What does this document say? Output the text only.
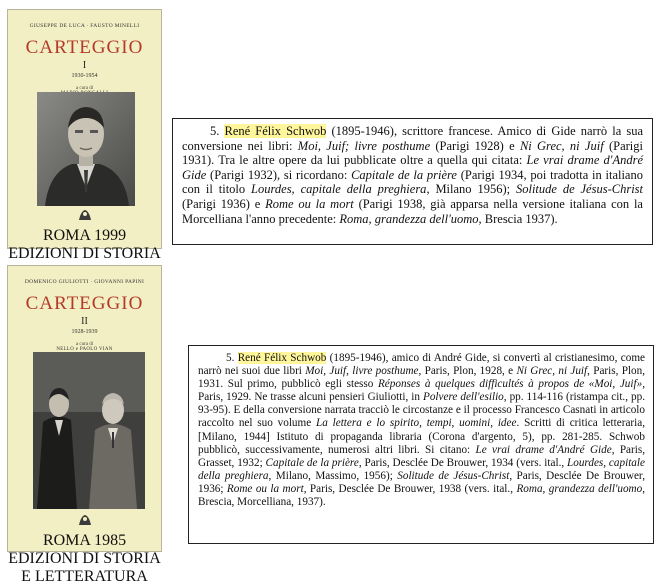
GIUSEPPE DE LUCA · FAUSTO MINELLI
CARTEGGIO
I
1930-1954
a cura di
ROMA 1999
EDIZIONI DI STORIA
DOMENICO GIULIOTTI · GIOVANNI PAPINI
CARTEGGIO
II
1928-1939
a cura di
NELLO e PAOLO VIAN
ROMA 1985
EDIZIONI DI STORIA E LETTERATURA

5. René Félix Schwob (1895-1946), scrittore francese. Amico di Gide narrò la sua conversione nei libri: Moi, Juif; livre posthume (Parigi 1928) e Ni Grec, ni Juif (Parigi 1931). Tra le altre opere da lui pubblicate oltre a quella qui citata: Le vrai drame d'André Gide (Parigi 1932), si ricordano: Capitale de la prière (Parigi 1934, poi tradotta in italiano con il titolo Lourdes, capitale della preghiera, Milano 1956); Solitude de Jésus-Christ (Parigi 1936) e Rome ou la mort (Parigi 1938, già apparsa nella versione italiana con la Morcelliana l'anno precedente: Roma, grandezza dell'uomo, Brescia 1937).

5. René Félix Schwob (1895-1946), amico di André Gide, si convertì al cristianesimo, come narrò nei suoi due libri Moi, Juif, livre posthume, Paris, Plon, 1928, e Ni Grec, ni Juif, Paris, Plon, 1931. Sul primo, pubblicò egli stesso Réponses à quelques difficultés à propos de «Moi, Juif», Paris, 1929. Ne trasse alcuni pensieri Giuliotti, in Polvere dell'esilio, pp. 114-116 (ristampa cit., pp. 93-95). E della conversione narrata tracciò le circostanze e il processo Francesco Casnati in articolo raccolto nel suo volume La lettera e lo spirito, tempi, uomini, idee. Scritti di critica letteraria, [Milano, 1944] Istituto di propaganda libraria (Corona d'argento, 5), pp. 281-285. Schwob pubblicò, successivamente, numerosi altri libri. Si citano: Le vrai drame d'André Gide, Paris, Grasset, 1932; Capitale de la prière, Paris, Desclée De Brouwer, 1934 (vers. ital., Lourdes, capitale della preghiera, Milano, Massimo, 1956); Solitude de Jésus-Christ, Paris, Desclée De Brouwer, 1936; Rome ou la mort, Paris, Desclée De Brouwer, 1938 (vers. ital., Roma, grandezza dell'uomo, Brescia, Morcelliana, 1937).
